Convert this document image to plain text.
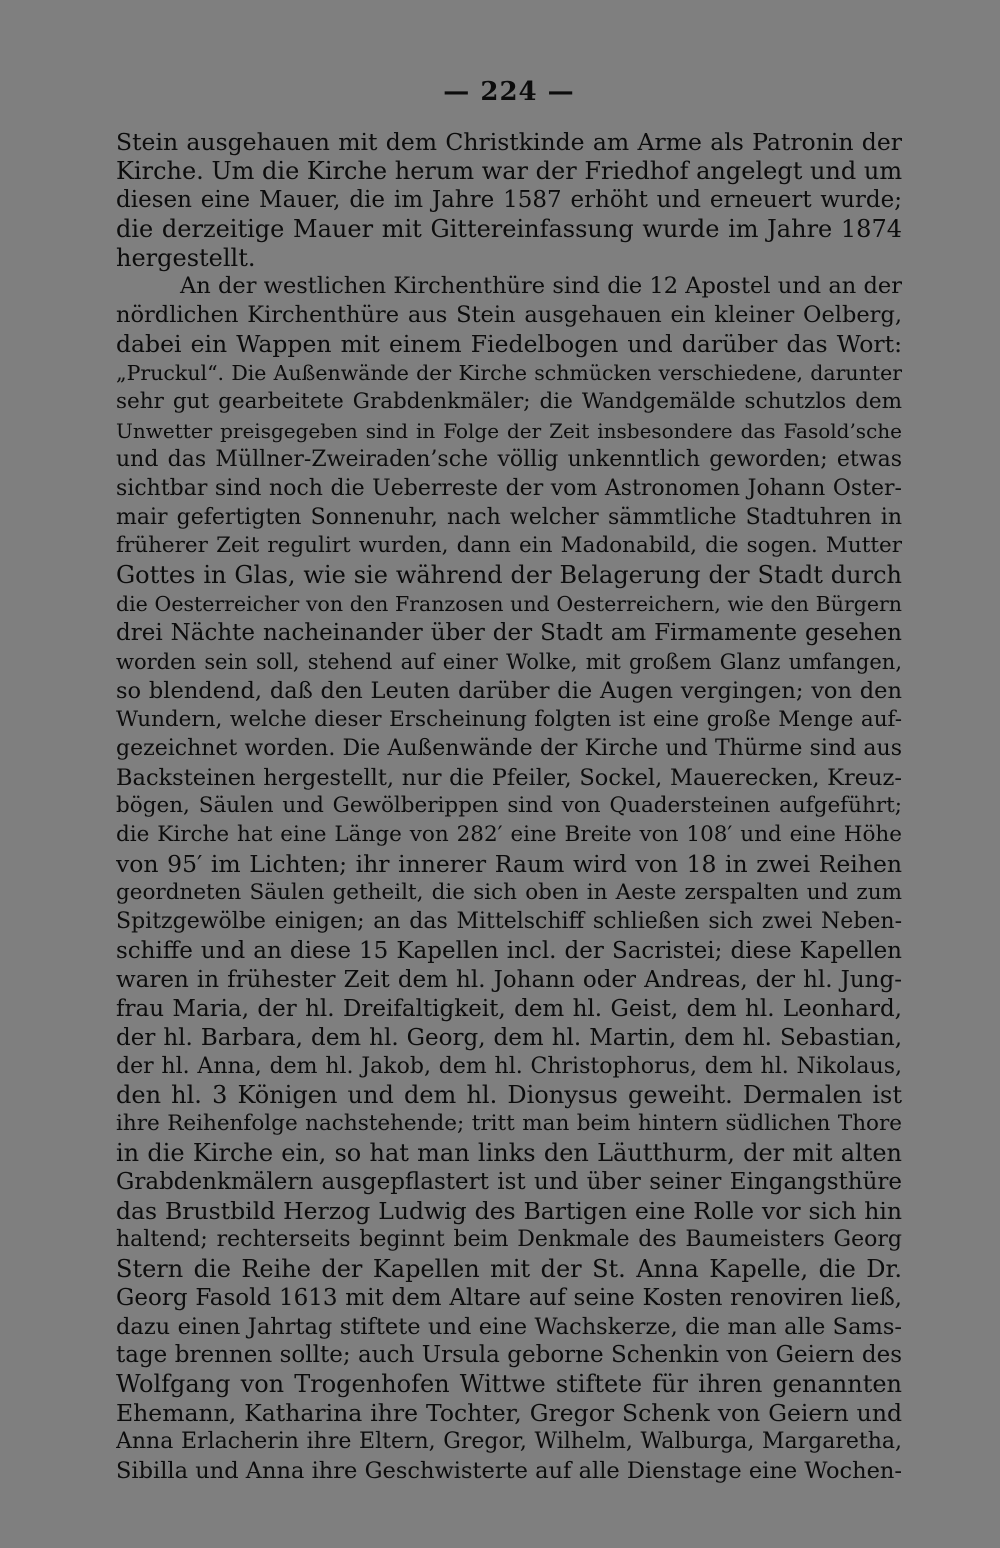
— 224 —
Stein ausgehauen mit dem Christkinde am Arme als Patronin der
Kirche. Um die Kirche herum war der Friedhof angelegt und um
diesen eine Mauer, die im Jahre 1587 erhöht und erneuert wurde;
die derzeitige Mauer mit Gittereinfassung wurde im Jahre 1874
hergestellt.
An der westlichen Kirchenthüre sind die 12 Apostel und an der
nördlichen Kirchenthüre aus Stein ausgehauen ein kleiner Oelberg,
dabei ein Wappen mit einem Fiedelbogen und darüber das Wort:
„Pruckul“. Die Außenwände der Kirche schmücken verschiedene, darunter
sehr gut gearbeitete Grabdenkmäler; die Wandgemälde schutzlos dem
Unwetter preisgegeben sind in Folge der Zeit insbesondere das Fasold’sche
und das Müllner-Zweiraden’sche völlig unkenntlich geworden; etwas
sichtbar sind noch die Ueberreste der vom Astronomen Johann Oster-
mair gefertigten Sonnenuhr, nach welcher sämmtliche Stadtuhren in
früherer Zeit regulirt wurden, dann ein Madonabild, die sogen. Mutter
Gottes in Glas, wie sie während der Belagerung der Stadt durch
die Oesterreicher von den Franzosen und Oesterreichern, wie den Bürgern
drei Nächte nacheinander über der Stadt am Firmamente gesehen
worden sein soll, stehend auf einer Wolke, mit großem Glanz umfangen,
so blendend, daß den Leuten darüber die Augen vergingen; von den
Wundern, welche dieser Erscheinung folgten ist eine große Menge auf-
gezeichnet worden. Die Außenwände der Kirche und Thürme sind aus
Backsteinen hergestellt, nur die Pfeiler, Sockel, Mauerecken, Kreuz-
bögen, Säulen und Gewölberippen sind von Quadersteinen aufgeführt;
die Kirche hat eine Länge von 282′ eine Breite von 108′ und eine Höhe
von 95′ im Lichten; ihr innerer Raum wird von 18 in zwei Reihen
geordneten Säulen getheilt, die sich oben in Aeste zerspalten und zum
Spitzgewölbe einigen; an das Mittelschiff schließen sich zwei Neben-
schiffe und an diese 15 Kapellen incl. der Sacristei; diese Kapellen
waren in frühester Zeit dem hl. Johann oder Andreas, der hl. Jung-
frau Maria, der hl. Dreifaltigkeit, dem hl. Geist, dem hl. Leonhard,
der hl. Barbara, dem hl. Georg, dem hl. Martin, dem hl. Sebastian,
der hl. Anna, dem hl. Jakob, dem hl. Christophorus, dem hl. Nikolaus,
den hl. 3 Königen und dem hl. Dionysus geweiht. Dermalen ist
ihre Reihenfolge nachstehende; tritt man beim hintern südlichen Thore
in die Kirche ein, so hat man links den Läutthurm, der mit alten
Grabdenkmälern ausgepflastert ist und über seiner Eingangsthüre
das Brustbild Herzog Ludwig des Bartigen eine Rolle vor sich hin
haltend; rechterseits beginnt beim Denkmale des Baumeisters Georg
Stern die Reihe der Kapellen mit der St. Anna Kapelle, die Dr.
Georg Fasold 1613 mit dem Altare auf seine Kosten renoviren ließ,
dazu einen Jahrtag stiftete und eine Wachskerze, die man alle Sams-
tage brennen sollte; auch Ursula geborne Schenkin von Geiern des
Wolfgang von Trogenhofen Wittwe stiftete für ihren genannten
Ehemann, Katharina ihre Tochter, Gregor Schenk von Geiern und
Anna Erlacherin ihre Eltern, Gregor, Wilhelm, Walburga, Margaretha,
Sibilla und Anna ihre Geschwisterte auf alle Dienstage eine Wochen-
